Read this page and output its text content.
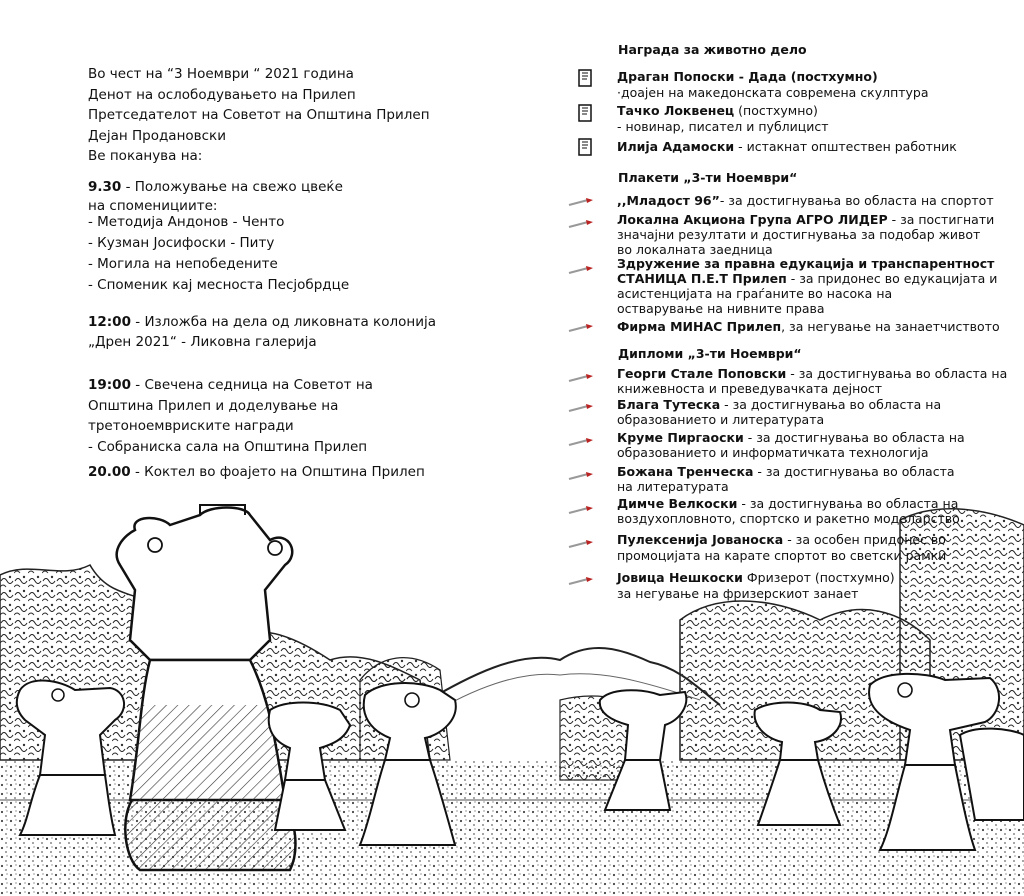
Во чест на “3 Ноември “ 2021 година
Денот на ослободувањето на Прилеп
Претседателот на Советот на Општина Прилеп
Дејан Продановски
Ве поканува на:
9.30 - Положување на свежо цвеќе
на споменициите:
- Методија Андонов - Ченто
- Кузман Јосифоски - Питу
- Могила на непобедените
- Споменик кај месноста Песјобрдце
12:00 - Изложба на дела од ликовната колонија
„Дрен 2021“ - Ликовна галерија
19:00 - Свечена седница на Советот на
Општина Прилеп и доделување на
третоноемвриските награди
- Собраниска сала на Општина Прилеп
20.00 - Коктел во фоајето на Општина Прилеп
Награда за животно дело
Драган Попоски - Дада (постхумно)
·доајен на македонската современа скулптура
Тачко Локвенец (постхумно)
- новинар, писател и публицист
Илија Адамоски - истакнат општествен работник
Плакети „3-ти Ноември“
,,Младост 96”- за достигнувања во областа на спортот
Локална Акциона Група АГРО ЛИДЕР - за постигнати
значајни резултати и достигнувања за подобар живот
во локалната заедница
Здружение за правна едукација и транспарентност
СТАНИЦА П.Е.Т Прилеп - за придонес во едукацијата и
асистенцијата на граѓаните во насока на
остварување на нивните права
Фирма МИНАС Прилеп, за негување на занаетчиството
Дипломи „3-ти Ноември“
Георги Стале Поповски - за достигнувања во областа на
книжевноста и преведувачката дејност
Благa Тутеска - за достигнувања во областа на
образованието и литературата
Круме Пиргаоски - за достигнувања во областа на
образованието и информатичката технологија
Божана Тренческа - за достигнувања во областа
на литературата
Димче Велкоски - за достигнувања во областа на
воздухопловното, спортско и ракетно моделарство
Пулексенија Јованоска - за особен придонес во
промоцијата на карате спортот во светски рамки
Јовица Нешкоски Фризерот (постхумно)
за негување на фризерскиот занает
